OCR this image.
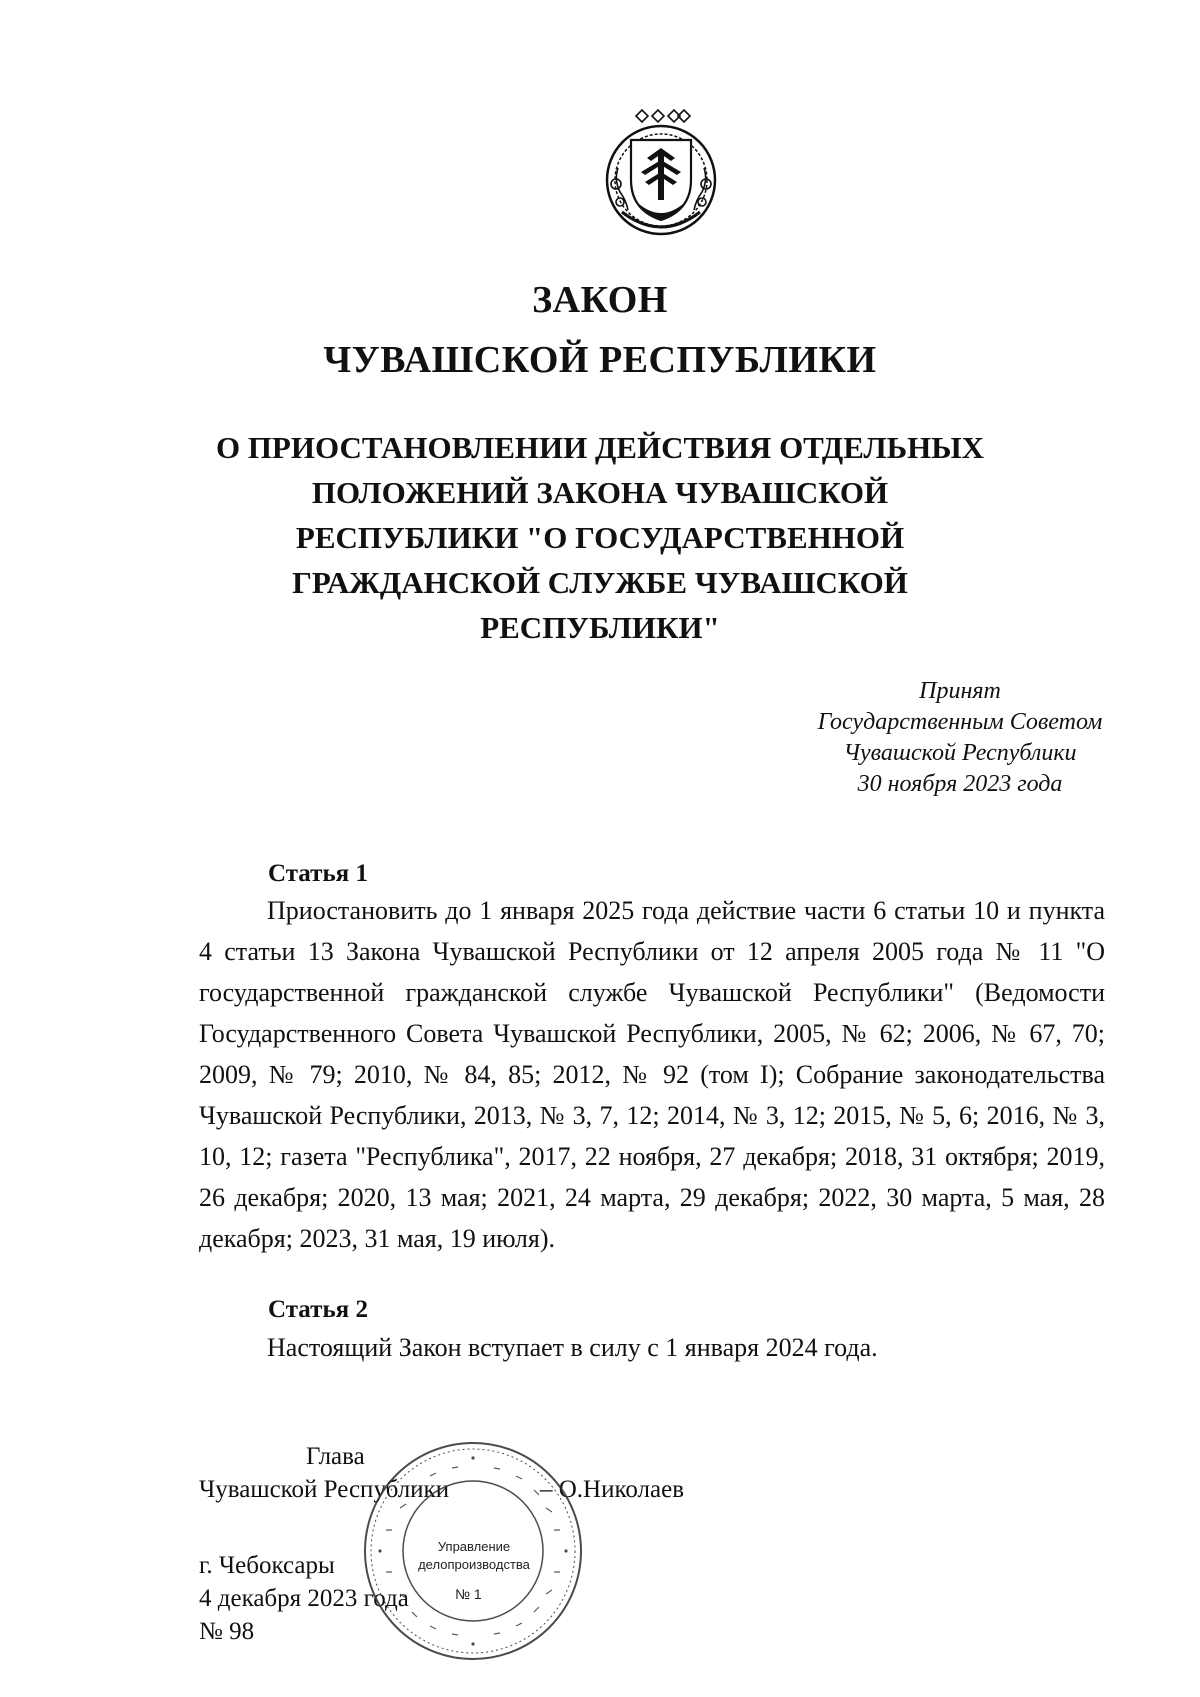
ЗАКОН
ЧУВАШСКОЙ РЕСПУБЛИКИ
О ПРИОСТАНОВЛЕНИИ ДЕЙСТВИЯ ОТДЕЛЬНЫХ ПОЛОЖЕНИЙ ЗАКОНА ЧУВАШСКОЙ РЕСПУБЛИКИ "О ГОСУДАРСТВЕННОЙ ГРАЖДАНСКОЙ СЛУЖБЕ ЧУВАШСКОЙ РЕСПУБЛИКИ"
Принят
Государственным Советом
Чувашской Республики
30 ноября 2023 года
Статья 1
Приостановить до 1 января 2025 года действие части 6 статьи 10 и пункта 4 статьи 13 Закона Чувашской Республики от 12 апреля 2005 года № 11 "О государственной гражданской службе Чувашской Республики" (Ведомости Государственного Совета Чувашской Республики, 2005, № 62; 2006, № 67, 70; 2009, № 79; 2010, № 84, 85; 2012, № 92 (том I); Собрание законодательства Чувашской Республики, 2013, № 3, 7, 12; 2014, № 3, 12; 2015, № 5, 6; 2016, № 3, 10, 12; газета "Республика", 2017, 22 ноября, 27 декабря; 2018, 31 октября; 2019, 26 декабря; 2020, 13 мая; 2021, 24 марта, 29 декабря; 2022, 30 марта, 5 мая, 28 декабря; 2023, 31 мая, 19 июля).
Статья 2
Настоящий Закон вступает в силу с 1 января 2024 года.
Глава
Чувашской Республики	– О.Николаев
г. Чебоксары
4 декабря 2023 года
№ 98
Управление
делопроизводства
№ 1
